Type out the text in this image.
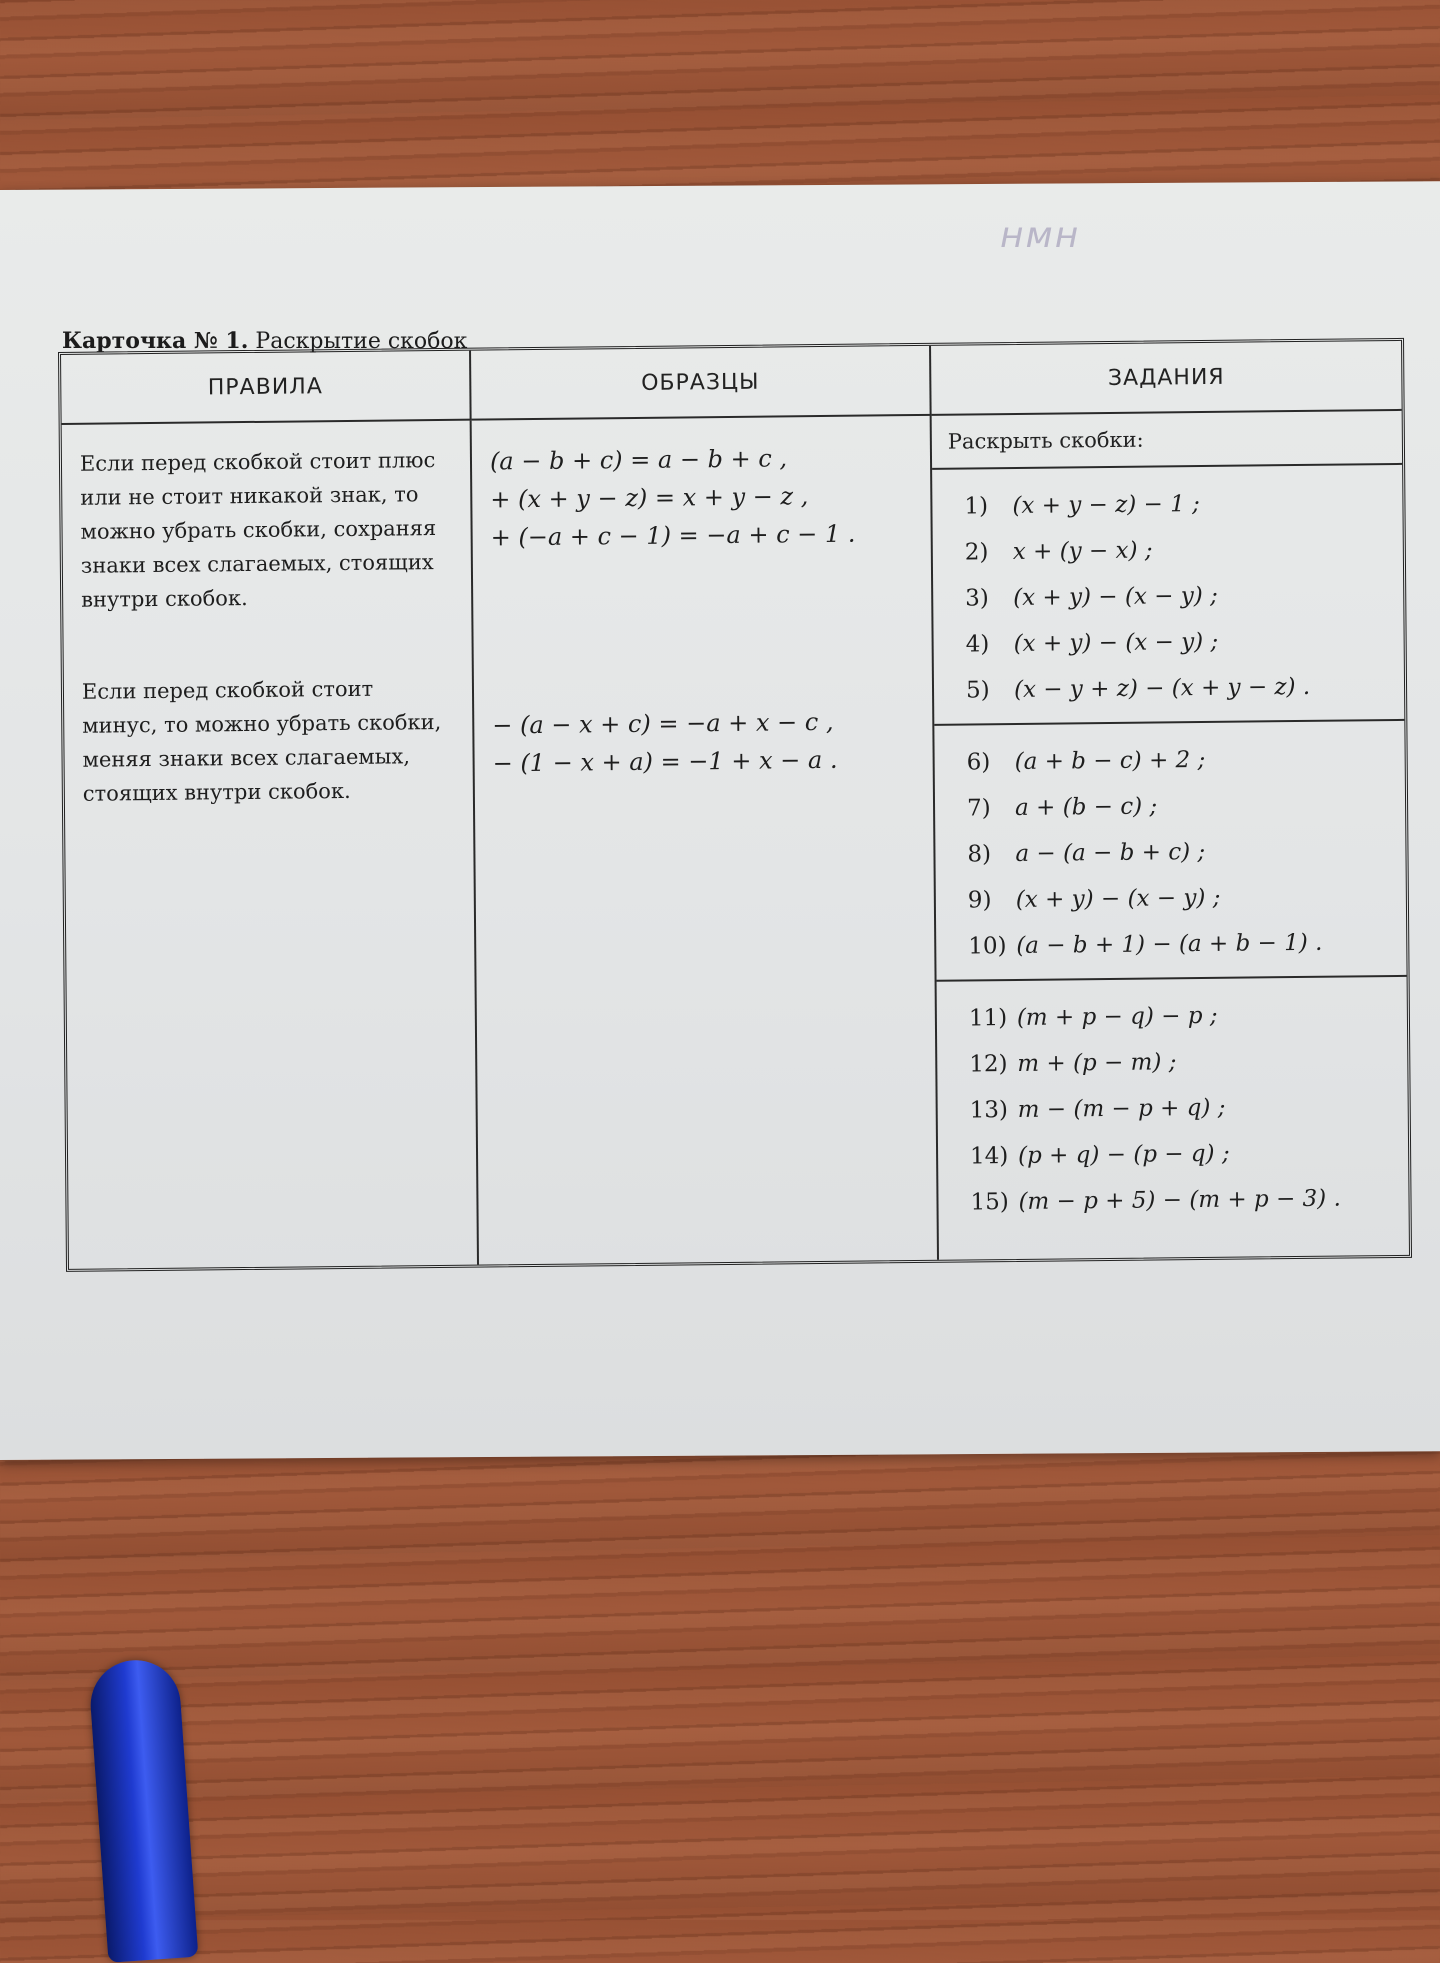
нмн
Карточка № 1. Раскрытие скобок
ПРАВИЛА	ОБРАЗЦЫ	ЗАДАНИЯ

Если перед скобкой стоит плюс или не стоит никакой знак, то можно убрать скобки, сохраняя знаки всех слагаемых, стоящих внутри скобок.

Если перед скобкой стоит минус, то можно убрать скобки, меняя знаки всех слагаемых, стоящих внутри скобок.

(a − b + c) = a − b + c ,
+ (x + y − z) = x + y − z ,
+ (−a + c − 1) = −a + c − 1 .
− (a − x + c) = −a + x − c ,
− (1 − x + a) = −1 + x − a .
Раскрыть скобки:
1) (x + y − z) − 1 ;
2) x + (y − x) ;
3) (x + y) − (x − y) ;
4) (x + y) − (x − y) ;
5) (x − y + z) − (x + y − z) .
6) (a + b − c) + 2 ;
7) a + (b − c) ;
8) a − (a − b + c) ;
9) (x + y) − (x − y) ;
10) (a − b + 1) − (a + b − 1) .
11) (m + p − q) − p ;
12) m + (p − m) ;
13) m − (m − p + q) ;
14) (p + q) − (p − q) ;
15) (m − p + 5) − (m + p − 3) .
